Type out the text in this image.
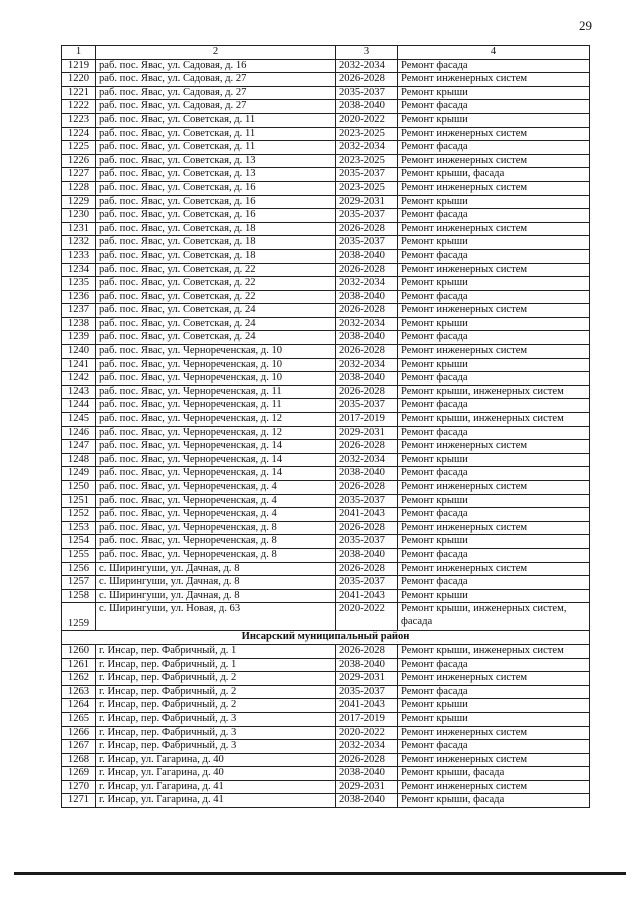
29
1	2	3	4
1219	раб. пос. Явас, ул. Садовая, д. 16	2032-2034	Ремонт фасада
1220	раб. пос. Явас, ул. Садовая, д. 27	2026-2028	Ремонт инженерных систем
1221	раб. пос. Явас, ул. Садовая, д. 27	2035-2037	Ремонт крыши
1222	раб. пос. Явас, ул. Садовая, д. 27	2038-2040	Ремонт фасада
1223	раб. пос. Явас, ул. Советская, д. 11	2020-2022	Ремонт крыши
1224	раб. пос. Явас, ул. Советская, д. 11	2023-2025	Ремонт инженерных систем
1225	раб. пос. Явас, ул. Советская, д. 11	2032-2034	Ремонт фасада
1226	раб. пос. Явас, ул. Советская, д. 13	2023-2025	Ремонт инженерных систем
1227	раб. пос. Явас, ул. Советская, д. 13	2035-2037	Ремонт крыши, фасада
1228	раб. пос. Явас, ул. Советская, д. 16	2023-2025	Ремонт инженерных систем
1229	раб. пос. Явас, ул. Советская, д. 16	2029-2031	Ремонт крыши
1230	раб. пос. Явас, ул. Советская, д. 16	2035-2037	Ремонт фасада
1231	раб. пос. Явас, ул. Советская, д. 18	2026-2028	Ремонт инженерных систем
1232	раб. пос. Явас, ул. Советская, д. 18	2035-2037	Ремонт крыши
1233	раб. пос. Явас, ул. Советская, д. 18	2038-2040	Ремонт фасада
1234	раб. пос. Явас, ул. Советская, д. 22	2026-2028	Ремонт инженерных систем
1235	раб. пос. Явас, ул. Советская, д. 22	2032-2034	Ремонт крыши
1236	раб. пос. Явас, ул. Советская, д. 22	2038-2040	Ремонт фасада
1237	раб. пос. Явас, ул. Советская, д. 24	2026-2028	Ремонт инженерных систем
1238	раб. пос. Явас, ул. Советская, д. 24	2032-2034	Ремонт крыши
1239	раб. пос. Явас, ул. Советская, д. 24	2038-2040	Ремонт фасада
1240	раб. пос. Явас, ул. Чернореченская, д. 10	2026-2028	Ремонт инженерных систем
1241	раб. пос. Явас, ул. Чернореченская, д. 10	2032-2034	Ремонт крыши
1242	раб. пос. Явас, ул. Чернореченская, д. 10	2038-2040	Ремонт фасада
1243	раб. пос. Явас, ул. Чернореченская, д. 11	2026-2028	Ремонт крыши, инженерных систем
1244	раб. пос. Явас, ул. Чернореченская, д. 11	2035-2037	Ремонт фасада
1245	раб. пос. Явас, ул. Чернореченская, д. 12	2017-2019	Ремонт крыши, инженерных систем
1246	раб. пос. Явас, ул. Чернореченская, д. 12	2029-2031	Ремонт фасада
1247	раб. пос. Явас, ул. Чернореченская, д. 14	2026-2028	Ремонт инженерных систем
1248	раб. пос. Явас, ул. Чернореченская, д. 14	2032-2034	Ремонт крыши
1249	раб. пос. Явас, ул. Чернореченская, д. 14	2038-2040	Ремонт фасада
1250	раб. пос. Явас, ул. Чернореченская, д. 4	2026-2028	Ремонт инженерных систем
1251	раб. пос. Явас, ул. Чернореченская, д. 4	2035-2037	Ремонт крыши
1252	раб. пос. Явас, ул. Чернореченская, д. 4	2041-2043	Ремонт фасада
1253	раб. пос. Явас, ул. Чернореченская, д. 8	2026-2028	Ремонт инженерных систем
1254	раб. пос. Явас, ул. Чернореченская, д. 8	2035-2037	Ремонт крыши
1255	раб. пос. Явас, ул. Чернореченская, д. 8	2038-2040	Ремонт фасада
1256	с. Ширингуши, ул. Дачная, д. 8	2026-2028	Ремонт инженерных систем
1257	с. Ширингуши, ул. Дачная, д. 8	2035-2037	Ремонт фасада
1258	с. Ширингуши, ул. Дачная, д. 8	2041-2043	Ремонт крыши
1259	с. Ширингуши, ул. Новая, д. 63	2020-2022	Ремонт крыши, инженерных систем, фасада
Инсарский муниципальный район			
1260	г. Инсар, пер. Фабричный, д. 1	2026-2028	Ремонт крыши, инженерных систем
1261	г. Инсар, пер. Фабричный, д. 1	2038-2040	Ремонт фасада
1262	г. Инсар, пер. Фабричный, д. 2	2029-2031	Ремонт инженерных систем
1263	г. Инсар, пер. Фабричный, д. 2	2035-2037	Ремонт фасада
1264	г. Инсар, пер. Фабричный, д. 2	2041-2043	Ремонт крыши
1265	г. Инсар, пер. Фабричный, д. 3	2017-2019	Ремонт крыши
1266	г. Инсар, пер. Фабричный, д. 3	2020-2022	Ремонт инженерных систем
1267	г. Инсар, пер. Фабричный, д. 3	2032-2034	Ремонт фасада
1268	г. Инсар, ул. Гагарина, д. 40	2026-2028	Ремонт инженерных систем
1269	г. Инсар, ул. Гагарина, д. 40	2038-2040	Ремонт крыши, фасада
1270	г. Инсар, ул. Гагарина, д. 41	2029-2031	Ремонт инженерных систем
1271	г. Инсар, ул. Гагарина, д. 41	2038-2040	Ремонт крыши, фасада
